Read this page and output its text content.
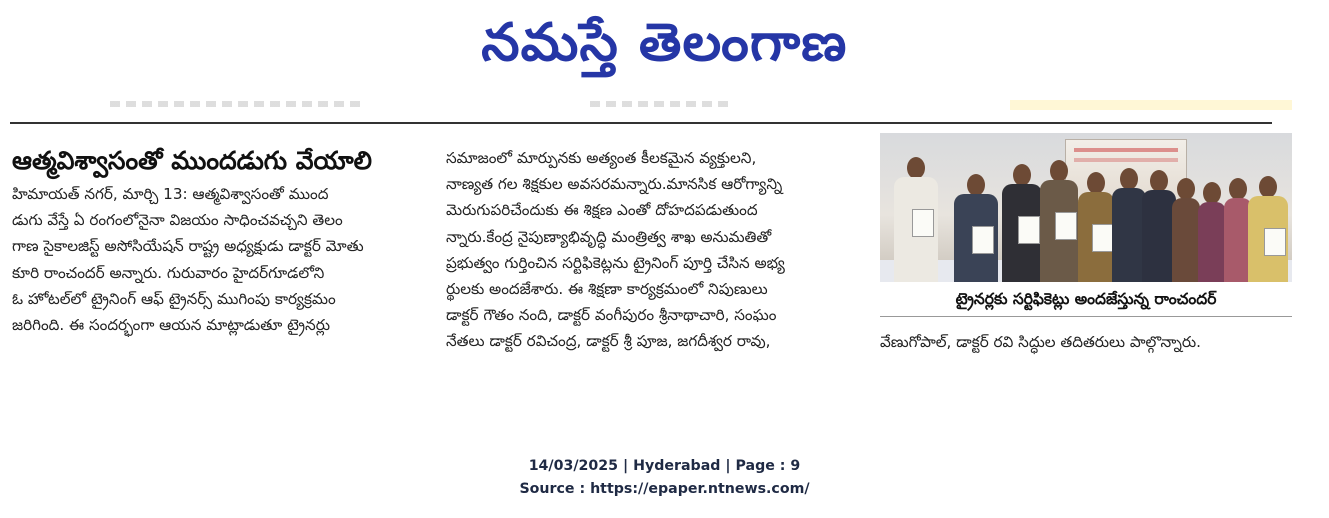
నమస్తే తెలంగాణ
ఆత్మవిశ్వాసంతో ముందడుగు వేయాలి
హిమాయత్ నగర్, మార్చి 13: ఆత్మవిశ్వాసంతో ముంద
డుగు వేస్తే ఏ రంగంలోనైనా విజయం సాధించవచ్చని తెలం
గాణ సైకాలజిస్ట్ అసోసియేషన్ రాష్ట్ర అధ్యక్షుడు డాక్టర్ మోతు
కూరి రాంచందర్ అన్నారు. గురువారం హైదర్‌గూడలోని
ఓ హోటల్‌లో ట్రైనింగ్ ఆఫ్ ట్రైనర్స్ ముగింపు కార్యక్రమం
జరిగింది. ఈ సందర్భంగా ఆయన మాట్లాడుతూ ట్రైనర్లు
సమాజంలో మార్పునకు అత్యంత కీలకమైన వ్యక్తులని,
నాణ్యత గల శిక్షకుల అవసరమన్నారు.మానసిక ఆరోగ్యాన్ని
మెరుగుపరిచేందుకు ఈ శిక్షణ ఎంతో దోహదపడుతుంద
న్నారు.కేంద్ర నైపుణ్యాభివృద్ధి మంత్రిత్వ శాఖ అనుమతితో
ప్రభుత్వం గుర్తించిన సర్టిఫికెట్లను ట్రైనింగ్ పూర్తి చేసిన అభ్య
ర్థులకు అందజేశారు. ఈ శిక్షణా కార్యక్రమంలో నిపుణులు
డాక్టర్ గౌతం నంది, డాక్టర్ వంగీపురం శ్రీనాథాచారి, సంఘం
నేతలు డాక్టర్ రవిచంద్ర, డాక్టర్ శ్రీ పూజ, జగదీశ్వర రావు,
ట్రైనర్లకు సర్టిఫికెట్లు అందజేస్తున్న రాంచందర్
వేణుగోపాల్, డాక్టర్ రవి సిద్ధుల తదితరులు పాల్గొన్నారు.
14/03/2025 | Hyderabad | Page : 9
Source : https://epaper.ntnews.com/
